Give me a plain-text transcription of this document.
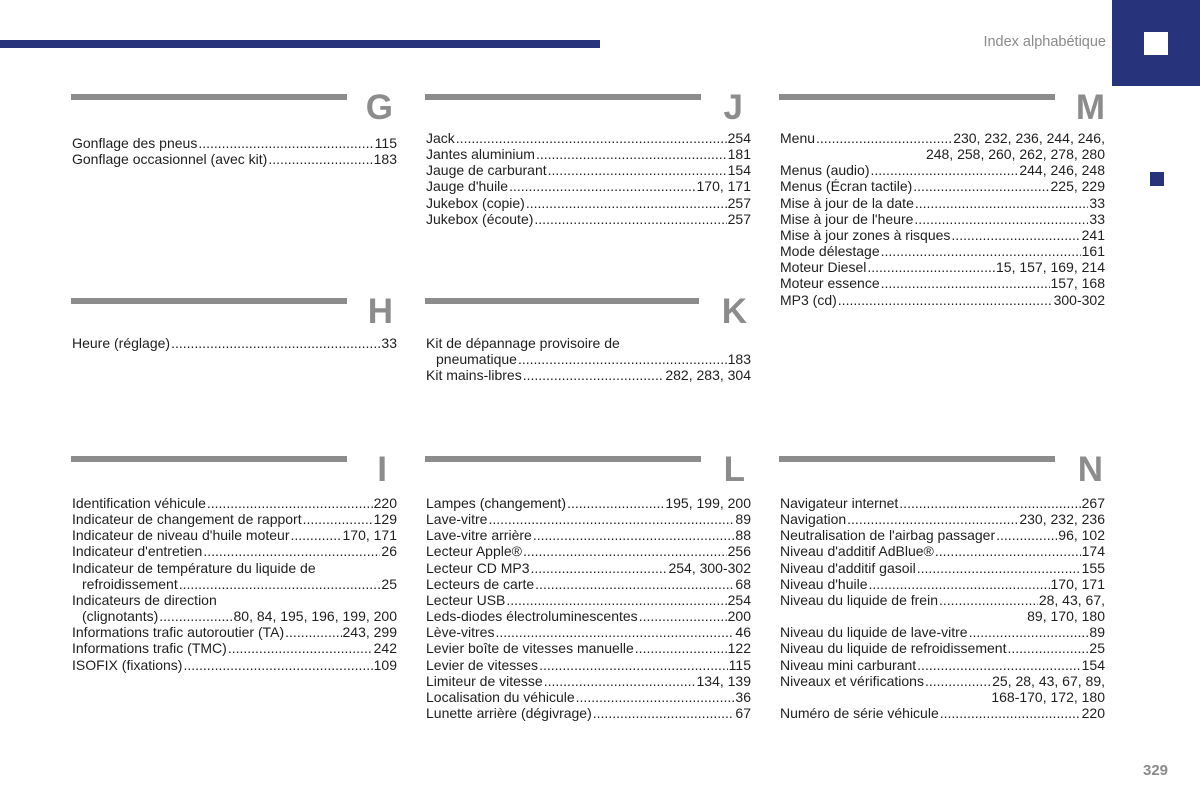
Index alphabétique
G
Gonflage des pneus .....	115
Gonflage occasionnel (avec kit) .....	183
H
Heure (réglage) .....	33
I
Identification véhicule .....	220
Indicateur de changement de rapport .....	129
Indicateur de niveau d'huile moteur .....	170, 171
Indicateur d'entretien .....	26
Indicateur de température du liquide de
refroidissement .....	25
Indicateurs de direction
(clignotants) .....	80, 84, 195, 196, 199, 200
Informations trafic autoroutier (TA) .....	243, 299
Informations trafic (TMC) .....	242
ISOFIX (fixations) .....	109
J
Jack .....	254
Jantes aluminium .....	181
Jauge de carburant .....	154
Jauge d'huile .....	170, 171
Jukebox (copie) .....	257
Jukebox (écoute) .....	257
K
Kit de dépannage provisoire de
pneumatique .....	183
Kit mains-libres .....	282, 283, 304
L
Lampes (changement) .....	195, 199, 200
Lave-vitre .....	89
Lave-vitre arrière .....	88
Lecteur Apple® .....	256
Lecteur CD MP3 .....	254, 300-302
Lecteurs de carte .....	68
Lecteur USB .....	254
Leds-diodes électroluminescentes .....	200
Lève-vitres .....	46
Levier boîte de vitesses manuelle .....	122
Levier de vitesses .....	115
Limiteur de vitesse .....	134, 139
Localisation du véhicule .....	36
Lunette arrière (dégivrage) .....	67
M
Menu .....	230, 232, 236, 244, 246,
248, 258, 260, 262, 278, 280
Menus (audio) .....	244, 246, 248
Menus (Écran tactile) .....	225, 229
Mise à jour de la date .....	33
Mise à jour de l'heure .....	33
Mise à jour zones à risques .....	241
Mode délestage .....	161
Moteur Diesel .....	15, 157, 169, 214
Moteur essence .....	157, 168
MP3 (cd) .....	300-302
N
Navigateur internet .....	267
Navigation .....	230, 232, 236
Neutralisation de l'airbag passager .....	96, 102
Niveau d'additif AdBlue® .....	174
Niveau d'additif gasoil .....	155
Niveau d'huile .....	170, 171
Niveau du liquide de frein .....	28, 43, 67,
89, 170, 180
Niveau du liquide de lave-vitre .....	89
Niveau du liquide de refroidissement .....	25
Niveau mini carburant .....	154
Niveaux et vérifications .....	25, 28, 43, 67, 89,
168-170, 172, 180
Numéro de série véhicule .....	220
329
